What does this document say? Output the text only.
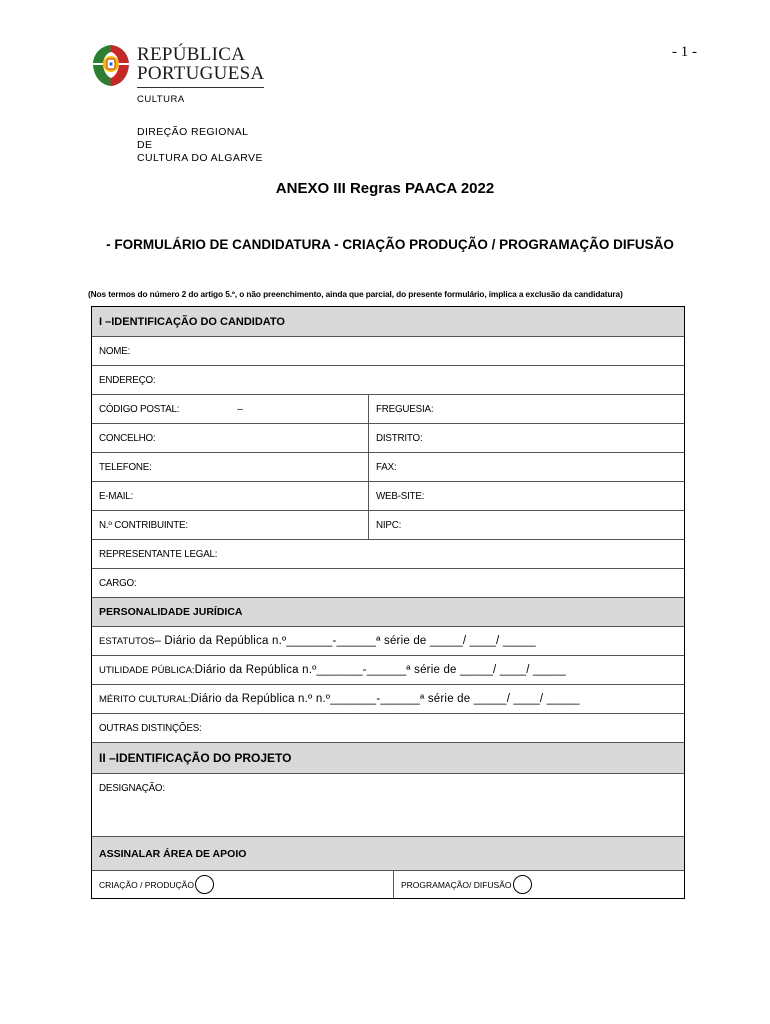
- 1 -
REPÚBLICA
PORTUGUESA
CULTURA
DIREÇÃO REGIONAL
DE
CULTURA DO ALGARVE
ANEXO III Regras PAACA 2022
- FORMULÁRIO DE CANDIDATURA - CRIAÇÃO PRODUÇÃO / PROGRAMAÇÃO DIFUSÃO
(Nos termos do número 2 do artigo 5.º, o não preenchimento, ainda que parcial, do presente formulário, implica a exclusão da candidatura)
I –IDENTIFICAÇÃO DO CANDIDATO
NOME:
ENDEREÇO:
CÓDIGO POSTAL:	–	FREGUESIA:
CONCELHO:	DISTRITO:
TELEFONE:	FAX:
E-MAIL:	WEB-SITE:
N.º CONTRIBUINTE:	NIPC:
REPRESENTANTE LEGAL:
CARGO:
PERSONALIDADE JURÍDICA
ESTATUTOS – Diário da República n.º_______-______ª série de _____/ ____/ _____
UTILIDADE PÚBLICA: Diário da República n.º_______-______ª série de _____/ ____/ _____
MÉRITO CULTURAL: Diário da República n.º n.º_______-______ª série de _____/ ____/ _____
OUTRAS DISTINÇÕES:
II –IDENTIFICAÇÃO DO PROJETO
DESIGNAÇÃO:
ASSINALAR ÁREA DE APOIO
CRIAÇÃO / PRODUÇÃO	PROGRAMAÇÃO/ DIFUSÃO
